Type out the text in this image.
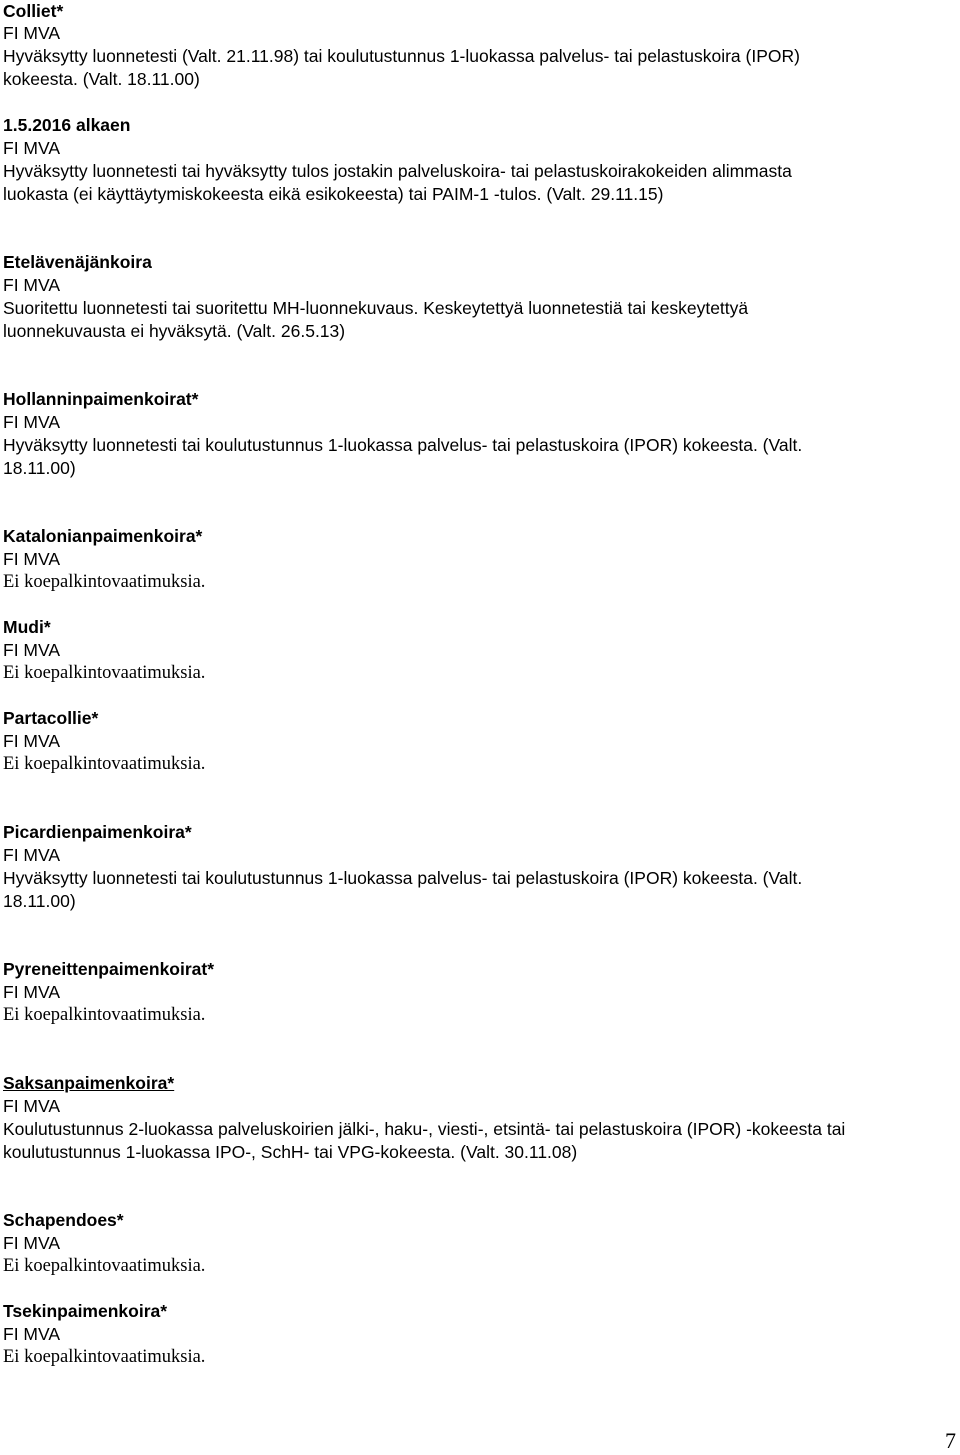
Colliet*
FI MVA
Hyväksytty luonnetesti (Valt. 21.11.98) tai koulutustunnus 1-luokassa palvelus- tai pelastuskoira (IPOR)
kokeesta. (Valt. 18.11.00)
1.5.2016 alkaen
FI MVA
Hyväksytty luonnetesti tai hyväksytty tulos jostakin palveluskoira- tai pelastuskoirakokeiden alimmasta
luokasta (ei käyttäytymiskokeesta eikä esikokeesta) tai PAIM-1 -tulos. (Valt. 29.11.15)
Etelävenäjänkoira
FI MVA
Suoritettu luonnetesti tai suoritettu MH-luonnekuvaus. Keskeytettyä luonnetestiä tai keskeytettyä
luonnekuvausta ei hyväksytä. (Valt. 26.5.13)
Hollanninpaimenkoirat*
FI MVA
Hyväksytty luonnetesti tai koulutustunnus 1-luokassa palvelus- tai pelastuskoira (IPOR) kokeesta. (Valt.
18.11.00)
Katalonianpaimenkoira*
FI MVA
Ei koepalkintovaatimuksia.
Mudi*
FI MVA
Ei koepalkintovaatimuksia.
Partacollie*
FI MVA
Ei koepalkintovaatimuksia.
Picardienpaimenkoira*
FI MVA
Hyväksytty luonnetesti tai koulutustunnus 1-luokassa palvelus- tai pelastuskoira (IPOR) kokeesta. (Valt.
18.11.00)
Pyreneittenpaimenkoirat*
FI MVA
Ei koepalkintovaatimuksia.
Saksanpaimenkoira*
FI MVA
Koulutustunnus 2-luokassa palveluskoirien jälki-, haku-, viesti-, etsintä- tai pelastuskoira (IPOR) -kokeesta tai
koulutustunnus 1-luokassa IPO-, SchH- tai VPG-kokeesta. (Valt. 30.11.08)
Schapendoes*
FI MVA
Ei koepalkintovaatimuksia.
Tsekinpaimenkoira*
FI MVA
Ei koepalkintovaatimuksia.
7
